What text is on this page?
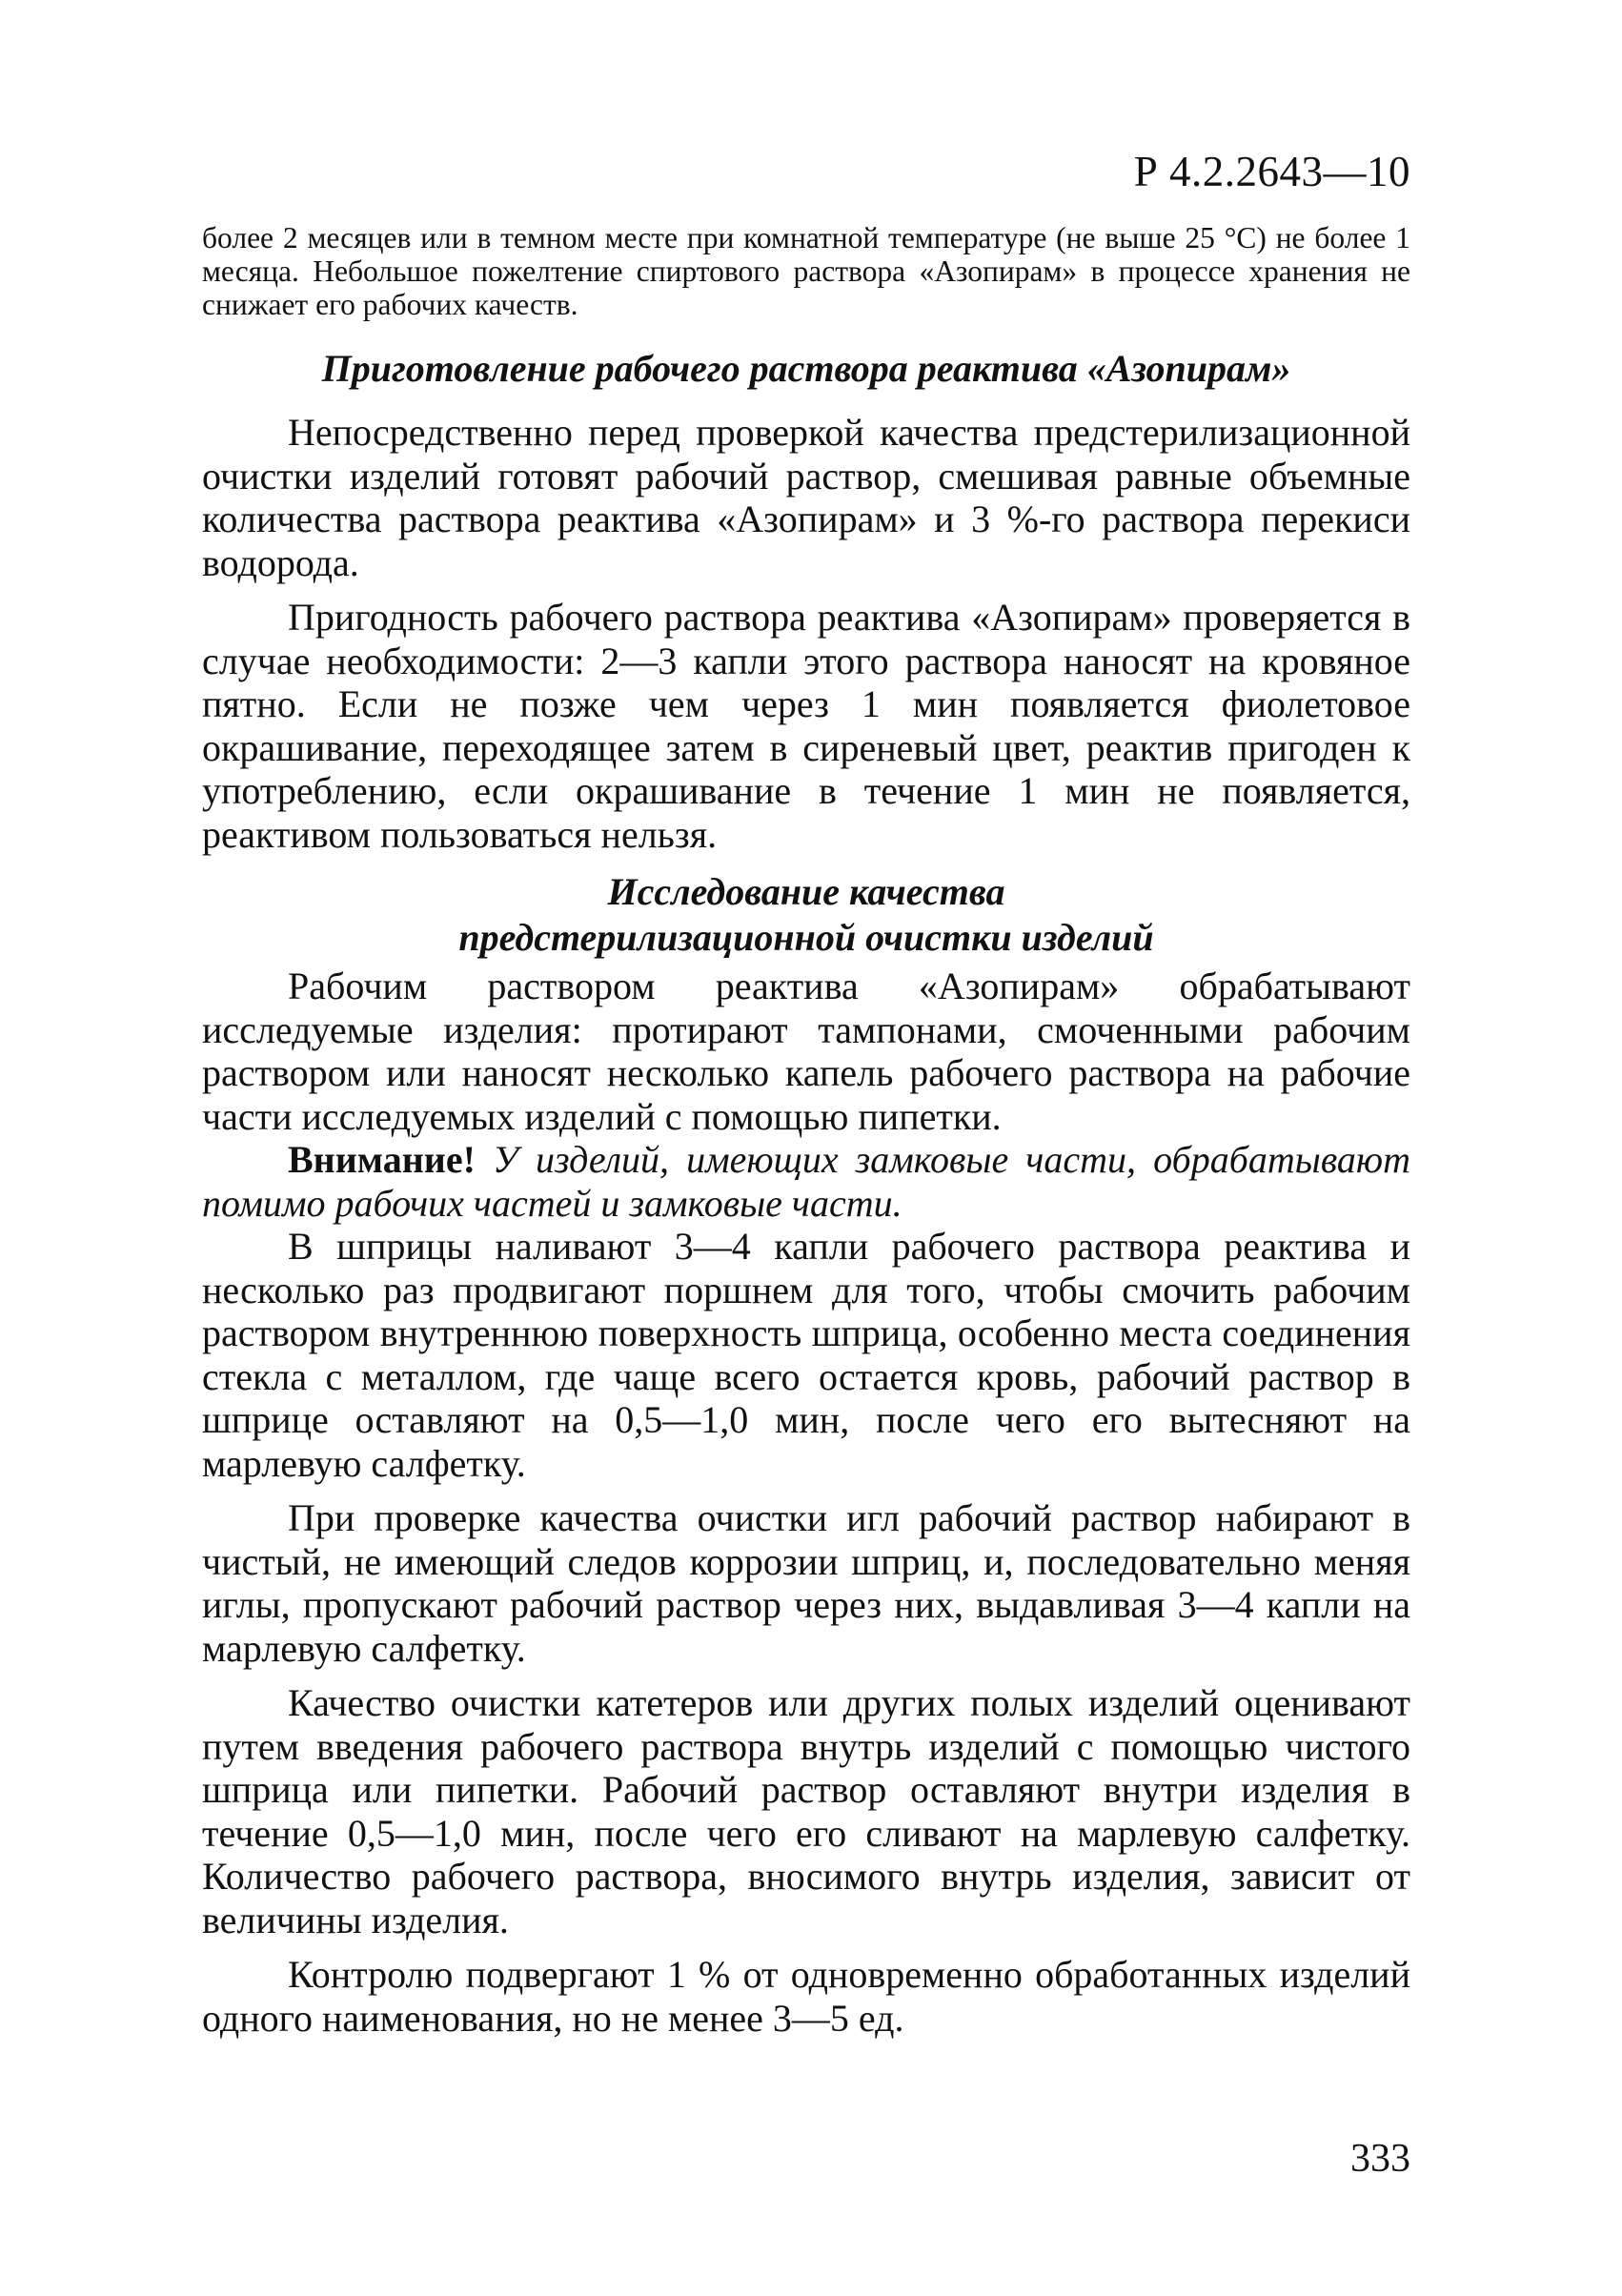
Р 4.2.2643—10

более 2 месяцев или в темном месте при комнатной температуре (не выше 25 °С) не более 1 месяца. Небольшое пожелтение спиртового раствора «Азопирам» в процессе хранения не снижает его рабочих качеств.

Приготовление рабочего раствора реактива «Азопирам»

Непосредственно перед проверкой качества предстерилизационной очистки изделий готовят рабочий раствор, смешивая равные объемные количества раствора реактива «Азопирам» и 3 %-го раствора перекиси водорода.

Пригодность рабочего раствора реактива «Азопирам» проверяется в случае необходимости: 2—3 капли этого раствора наносят на кровяное пятно. Если не позже чем через 1 мин появляется фиолетовое окрашивание, переходящее затем в сиреневый цвет, реактив пригоден к употреблению, если окрашивание в течение 1 мин не появляется, реактивом пользоваться нельзя.

Исследование качества
предстерилизационной очистки изделий

Рабочим раствором реактива «Азопирам» обрабатывают исследуемые изделия: протирают тампонами, смоченными рабочим раствором или наносят несколько капель рабочего раствора на рабочие части исследуемых изделий с помощью пипетки.

Внимание! У изделий, имеющих замковые части, обрабатывают помимо рабочих частей и замковые части.

В шприцы наливают 3—4 капли рабочего раствора реактива и несколько раз продвигают поршнем для того, чтобы смочить рабочим раствором внутреннюю поверхность шприца, особенно места соединения стекла с металлом, где чаще всего остается кровь, рабочий раствор в шприце оставляют на 0,5—1,0 мин, после чего его вытесняют на марлевую салфетку.

При проверке качества очистки игл рабочий раствор набирают в чистый, не имеющий следов коррозии шприц, и, последовательно меняя иглы, пропускают рабочий раствор через них, выдавливая 3—4 капли на марлевую салфетку.

Качество очистки катетеров или других полых изделий оценивают путем введения рабочего раствора внутрь изделий с помощью чистого шприца или пипетки. Рабочий раствор оставляют внутри изделия в течение 0,5—1,0 мин, после чего его сливают на марлевую салфетку. Количество рабочего раствора, вносимого внутрь изделия, зависит от величины изделия.

Контролю подвергают 1 % от одновременно обработанных изделий одного наименования, но не менее 3—5 ед.

333
